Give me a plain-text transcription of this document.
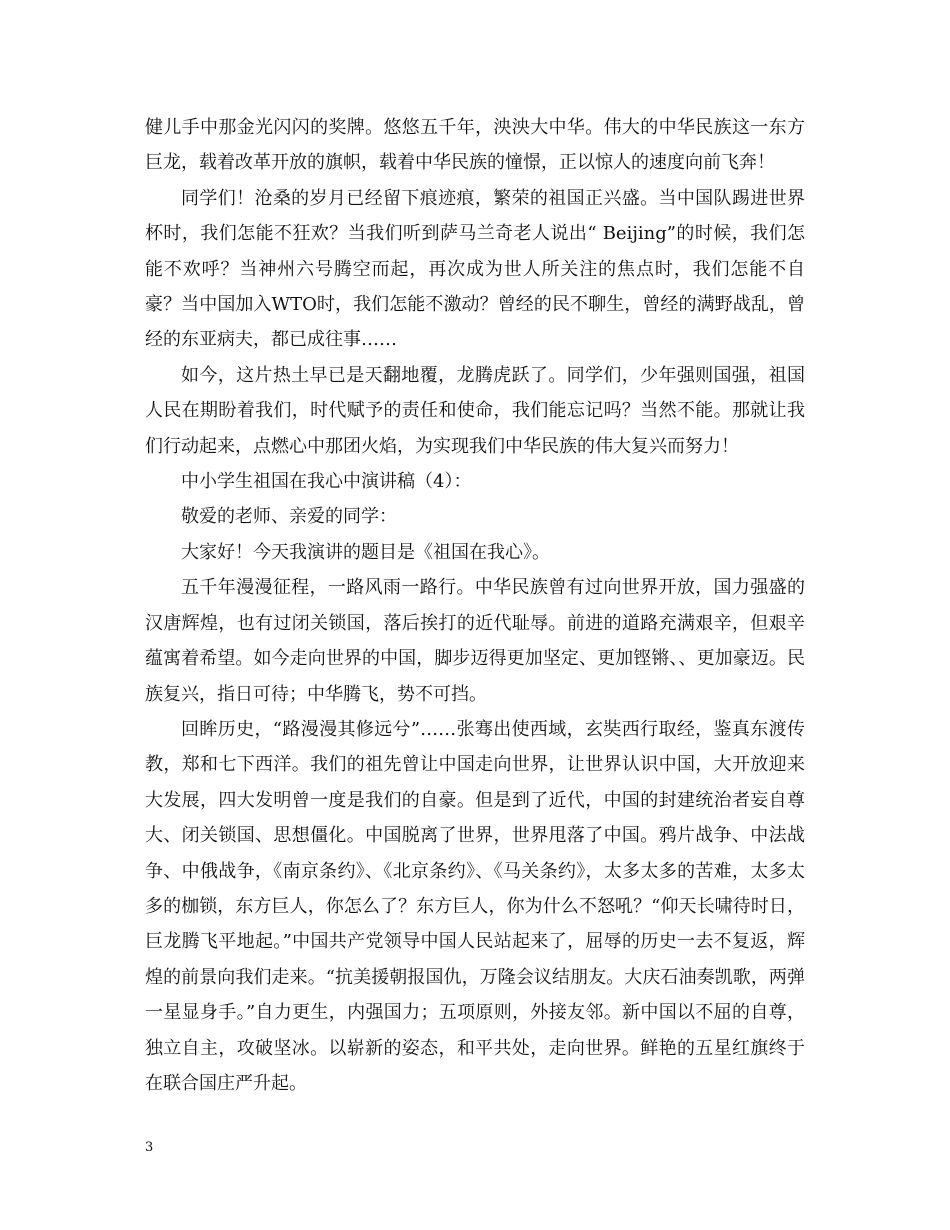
健儿手中那金光闪闪的奖牌。悠悠五千年，泱泱大中华。伟大的中华民族这一东方巨龙，载着改革开放的旗帜，载着中华民族的憧憬，正以惊人的速度向前飞奔！

同学们！沧桑的岁月已经留下痕迹痕，繁荣的祖国正兴盛。当中国队踢进世界杯时，我们怎能不狂欢？当我们听到萨马兰奇老人说出“ Beijing”的时候，我们怎能不欢呼？当神州六号腾空而起，再次成为世人所关注的焦点时，我们怎能不自豪？当中国加入WTO时，我们怎能不激动？曾经的民不聊生，曾经的满野战乱，曾经的东亚病夫，都已成往事……

如今，这片热土早已是天翻地覆，龙腾虎跃了。同学们，少年强则国强，祖国人民在期盼着我们，时代赋予的责任和使命，我们能忘记吗？当然不能。那就让我们行动起来，点燃心中那团火焰，为实现我们中华民族的伟大复兴而努力！

中小学生祖国在我心中演讲稿（4）：

敬爱的老师、亲爱的同学：

大家好！今天我演讲的题目是《祖国在我心》。

五千年漫漫征程，一路风雨一路行。中华民族曾有过向世界开放，国力强盛的汉唐辉煌，也有过闭关锁国，落后挨打的近代耻辱。前进的道路充满艰辛，但艰辛蕴寓着希望。如今走向世界的中国，脚步迈得更加坚定、更加铿锵、、更加豪迈。民族复兴，指日可待；中华腾飞，势不可挡。

回眸历史，“路漫漫其修远兮”……张骞出使西域，玄奘西行取经，鉴真东渡传教，郑和七下西洋。我们的祖先曾让中国走向世界，让世界认识中国，大开放迎来大发展，四大发明曾一度是我们的自豪。但是到了近代，中国的封建统治者妄自尊大、闭关锁国、思想僵化。中国脱离了世界，世界甩落了中国。鸦片战争、中法战争、中俄战争，《南京条约》、《北京条约》、《马关条约》，太多太多的苦难，太多太多的枷锁，东方巨人，你怎么了？东方巨人，你为什么不怒吼？“仰天长啸待时日，巨龙腾飞平地起。”中国共产党领导中国人民站起来了，屈辱的历史一去不复返，辉煌的前景向我们走来。“抗美援朝报国仇，万隆会议结朋友。大庆石油奏凯歌，两弹一星显身手。”自力更生，内强国力；五项原则，外接友邻。新中国以不屈的自尊，独立自主，攻破坚冰。以崭新的姿态，和平共处，走向世界。鲜艳的五星红旗终于在联合国庄严升起。

3
